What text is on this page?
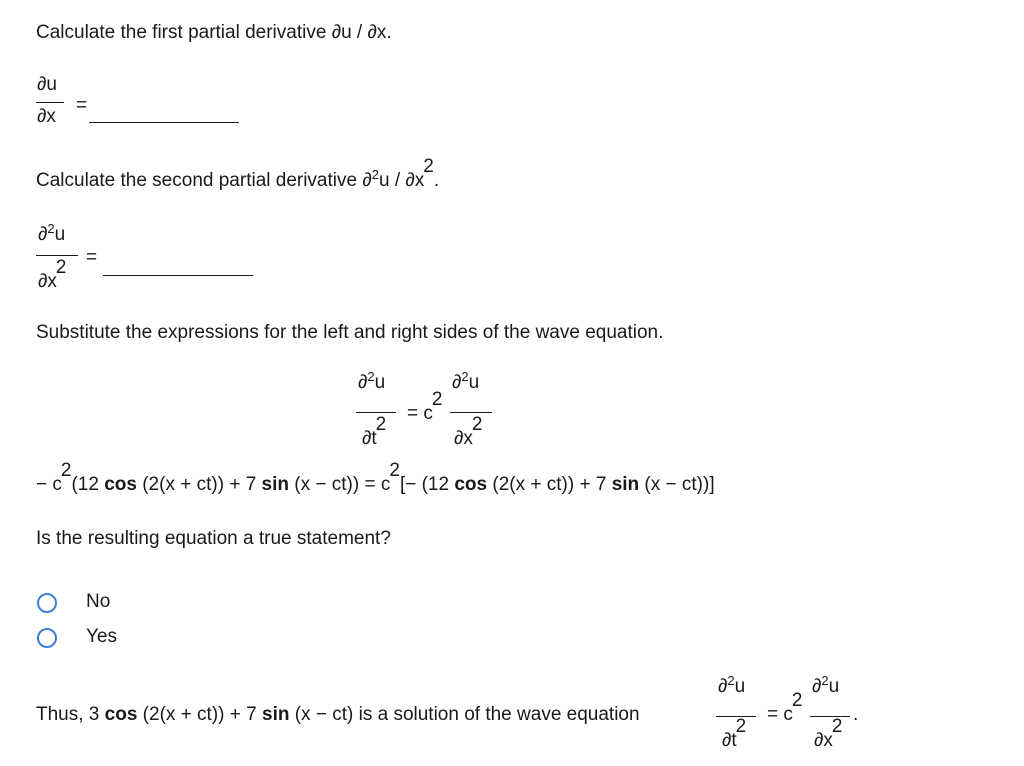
Calculate the first partial derivative ∂u / ∂x.
∂u
∂x
=
Calculate the second partial derivative $\partial^2u / \partial x^2$.
∂$^2$u
$\partial x^2$ =
Substitute the expressions for the left and right sides of the wave equation.
∂$^2$u
$\partial t^2$
= $c^2$
∂$^2$u
$\partial x^2$
− $c^2(12$ cos (2(x + ct)) + 7 $\sin (x - ct)) = c^2[- (12$ cos (2(x + ct)) + 7 sin (x − ct))]
Is the resulting equation a true statement?
No
Yes
Thus, 3 cos (2(x + ct)) + 7 sin (x − ct) is a solution of the wave equation
∂$^2$u
$\partial t^2$
= $c^2$
∂$^2$u
$\partial x^2$
.
